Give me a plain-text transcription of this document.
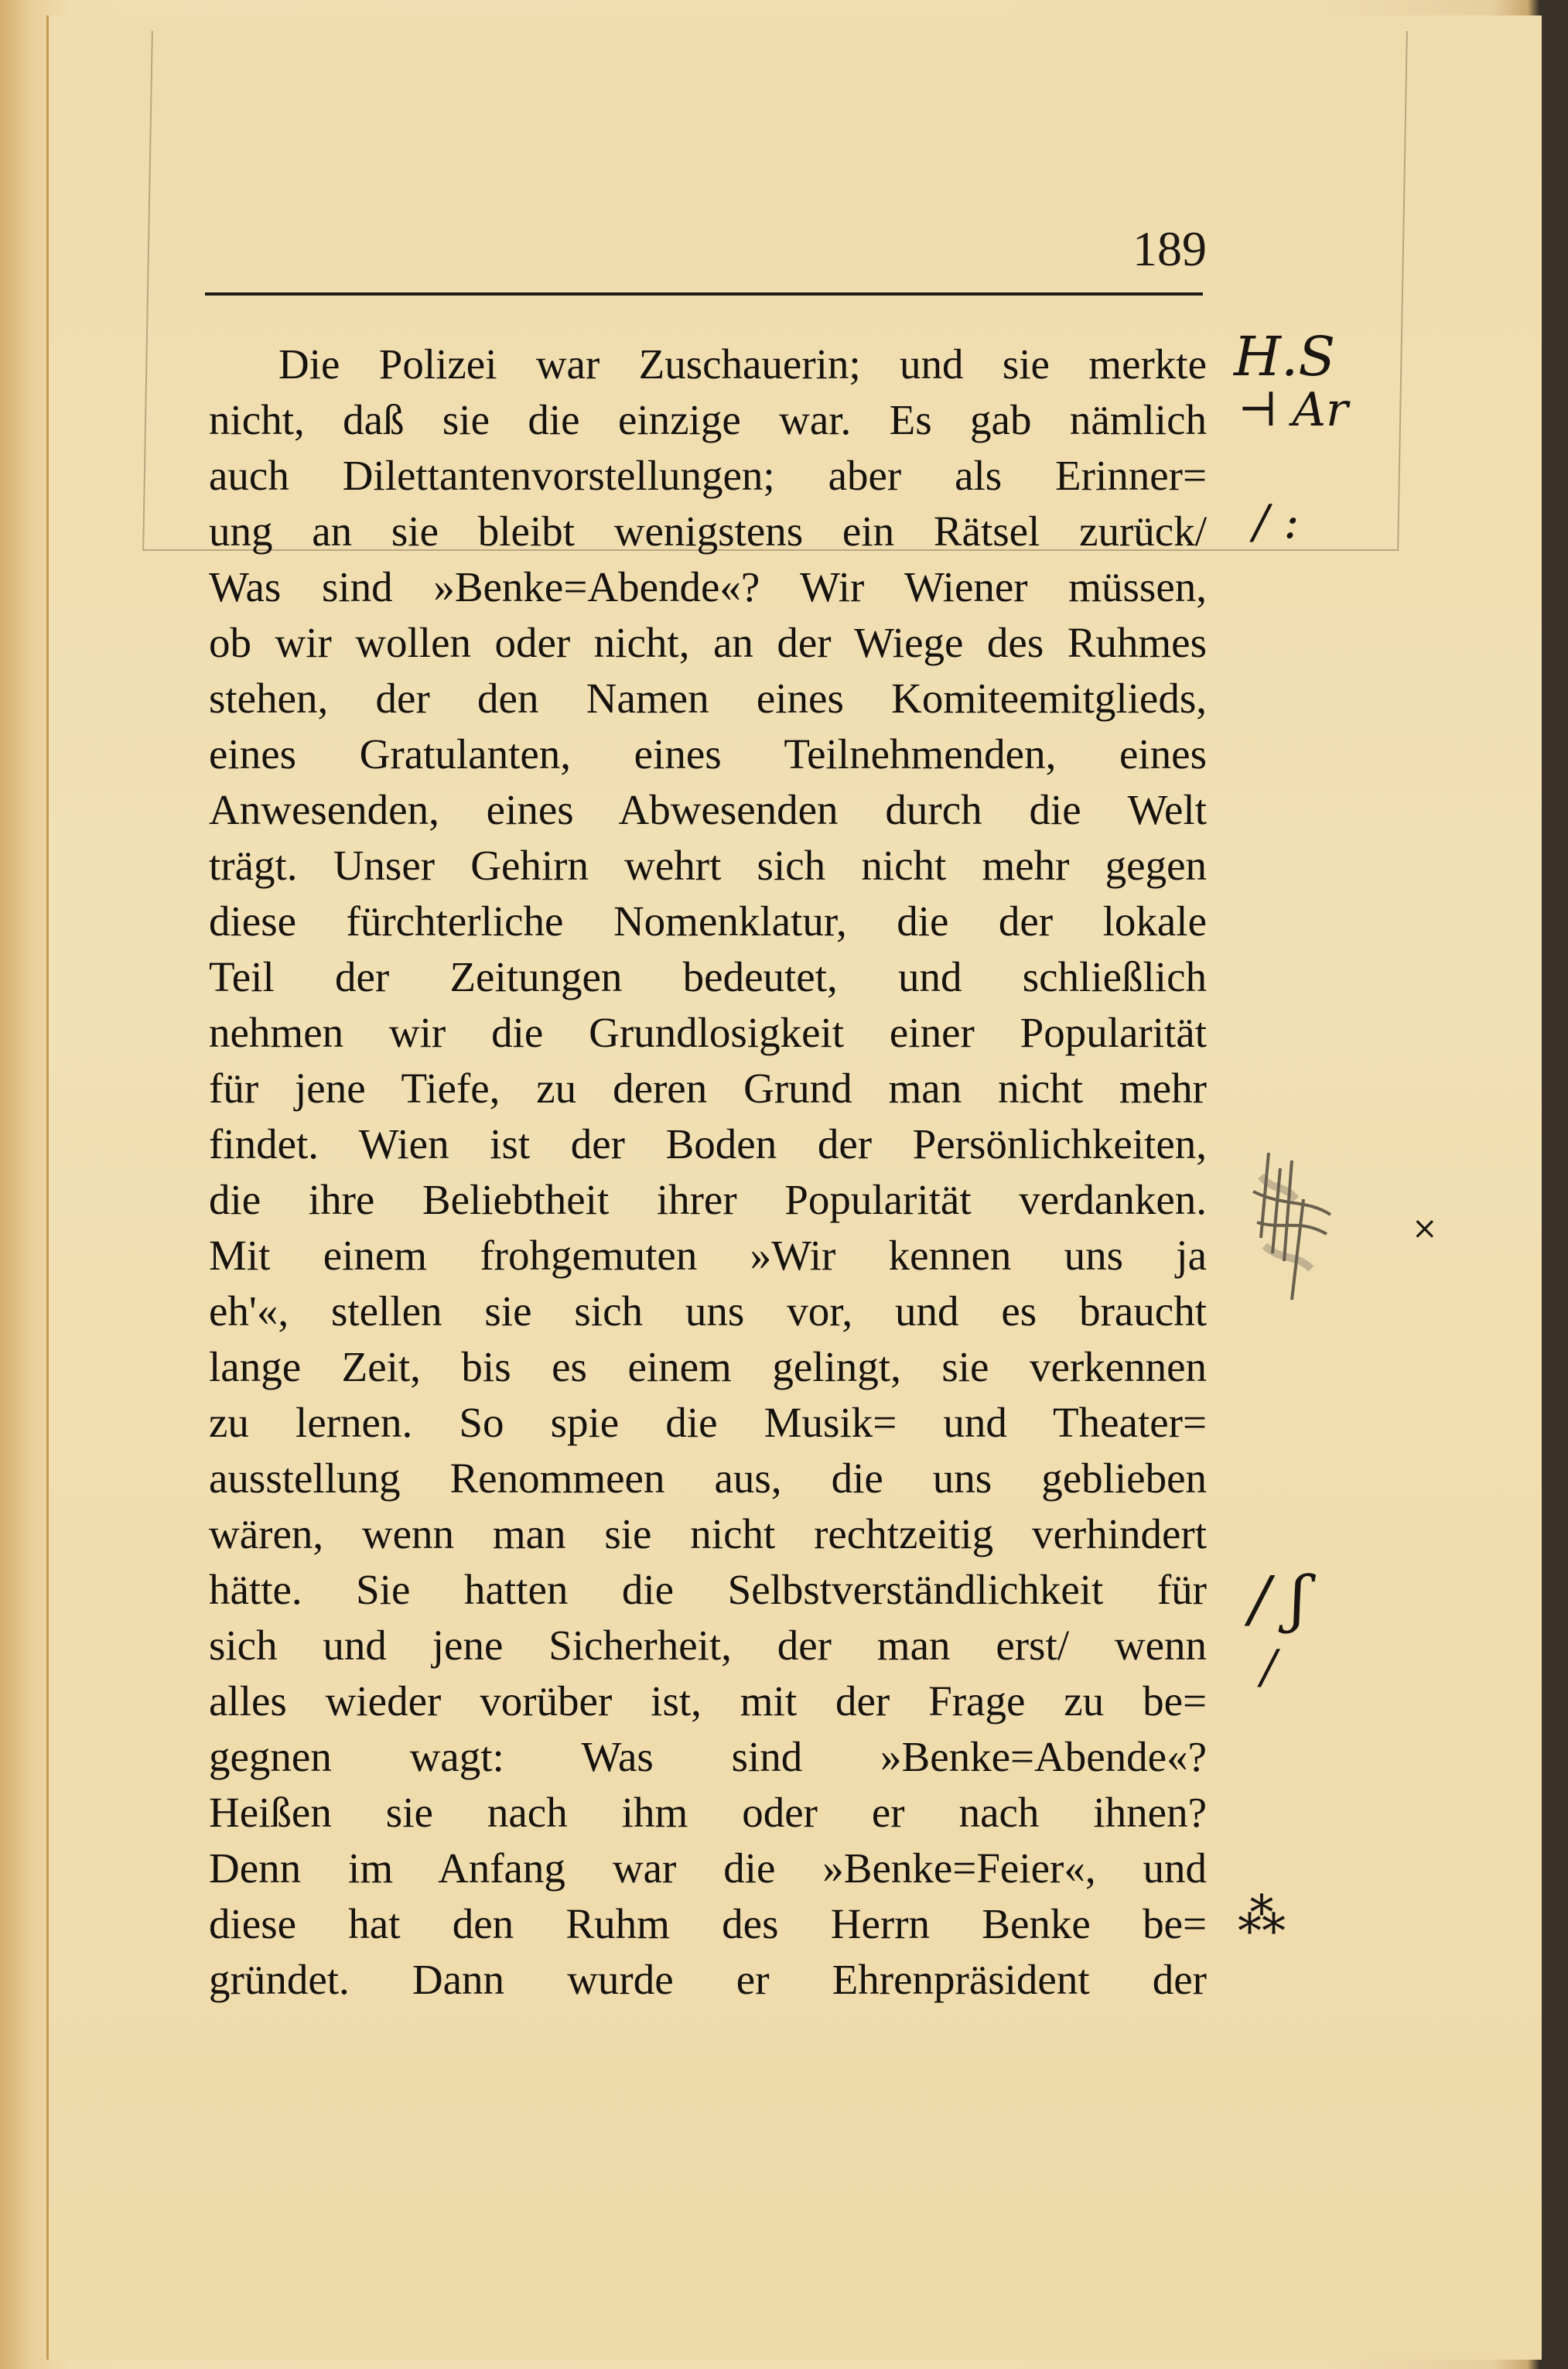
189
Die Polizei war Zuschauerin; und sie merkte
nicht, daß sie die einzige war. Es gab nämlich
auch Dilettantenvorstellungen; aber als Erinner=
ung an sie bleibt wenigstens ein Rätsel zurück/
Was sind »Benke=Abende«? Wir Wiener müssen,
ob wir wollen oder nicht, an der Wiege des Ruhmes
stehen, der den Namen eines Komiteemitglieds,
eines Gratulanten, eines Teilnehmenden, eines
Anwesenden, eines Abwesenden durch die Welt
trägt. Unser Gehirn wehrt sich nicht mehr gegen
diese fürchterliche Nomenklatur, die der lokale
Teil der Zeitungen bedeutet, und schließlich
nehmen wir die Grundlosigkeit einer Popularität
für jene Tiefe, zu deren Grund man nicht mehr
findet. Wien ist der Boden der Persönlichkeiten,
die ihre Beliebtheit ihrer Popularität verdanken.
Mit einem frohgemuten »Wir kennen uns ja
eh'«, stellen sie sich uns vor, und es braucht
lange Zeit, bis es einem gelingt, sie verkennen
zu lernen. So spie die Musik= und Theater=
ausstellung Renommeen aus, die uns geblieben
wären, wenn man sie nicht rechtzeitig verhindert
hätte. Sie hatten die Selbstverständlichkeit für
sich und jene Sicherheit, der man erst/ wenn
alles wieder vorüber ist, mit der Frage zu be=
gegnen wagt: Was sind »Benke=Abende«?
Heißen sie nach ihm oder er nach ihnen?
Denn im Anfang war die »Benke=Feier«, und
diese hat den Ruhm des Herrn Benke be=
gründet. Dann wurde er Ehrenpräsident der
H.S
⊣ Ar
/ :
/ ʃ
/
⁂
×
